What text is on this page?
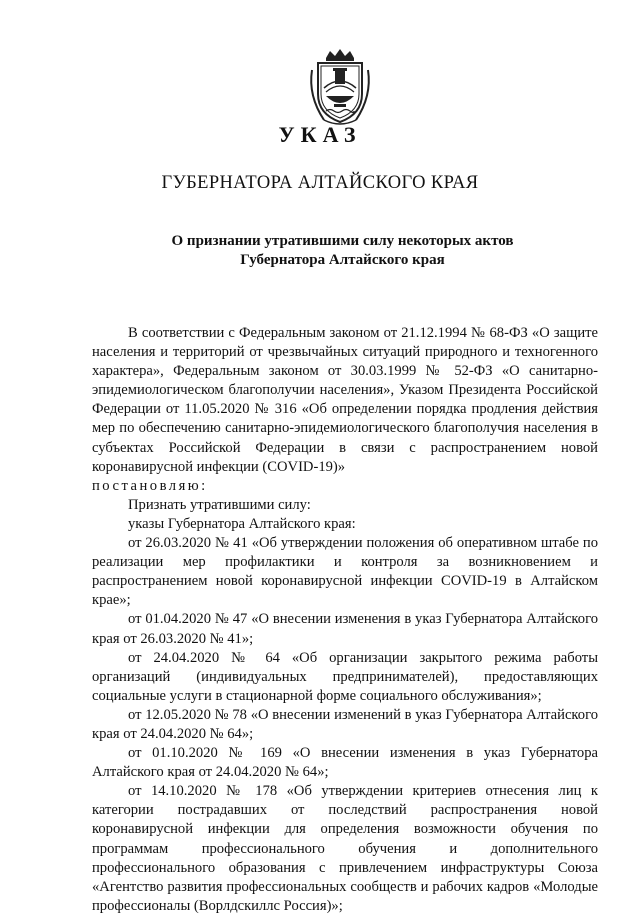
УКАЗ
ГУБЕРНАТОРА АЛТАЙСКОГО КРАЯ
О признании утратившими силу некоторых актов
Губернатора Алтайского края

В соответствии с Федеральным законом от 21.12.1994 № 68-ФЗ «О защите населения и территорий от чрезвычайных ситуаций природного и техногенного характера», Федеральным законом от 30.03.1999 № 52-ФЗ «О санитарно-эпидемиологическом благополучии населения», Указом Президента Российской Федерации от 11.05.2020 № 316 «Об определении порядка продления действия мер по обеспечению санитарно-эпидемиологического благополучия населения в субъектах Российской Федерации в связи с распространением новой коронавирусной инфекции (COVID-19)»

постановляю:

Признать утратившими силу:

указы Губернатора Алтайского края:

от 26.03.2020 № 41 «Об утверждении положения об оперативном штабе по реализации мер профилактики и контроля за возникновением и распространением новой коронавирусной инфекции COVID-19 в Алтайском крае»;

от 01.04.2020 № 47 «О внесении изменения в указ Губернатора Алтайского края от 26.03.2020 № 41»;

от 24.04.2020 № 64 «Об организации закрытого режима работы организаций (индивидуальных предпринимателей), предоставляющих социальные услуги в стационарной форме социального обслуживания»;

от 12.05.2020 № 78 «О внесении изменений в указ Губернатора Алтайского края от 24.04.2020 № 64»;

от 01.10.2020 № 169 «О внесении изменения в указ Губернатора Алтайского края от 24.04.2020 № 64»;

от 14.10.2020 № 178 «Об утверждении критериев отнесения лиц к категории пострадавших от последствий распространения новой коронавирусной инфекции для определения возможности обучения по программам профессионального обучения и дополнительного профессионального образования с привлечением инфраструктуры Союза «Агентство развития профессиональных сообществ и рабочих кадров «Молодые профессионалы (Ворлдскиллс Россия)»;
